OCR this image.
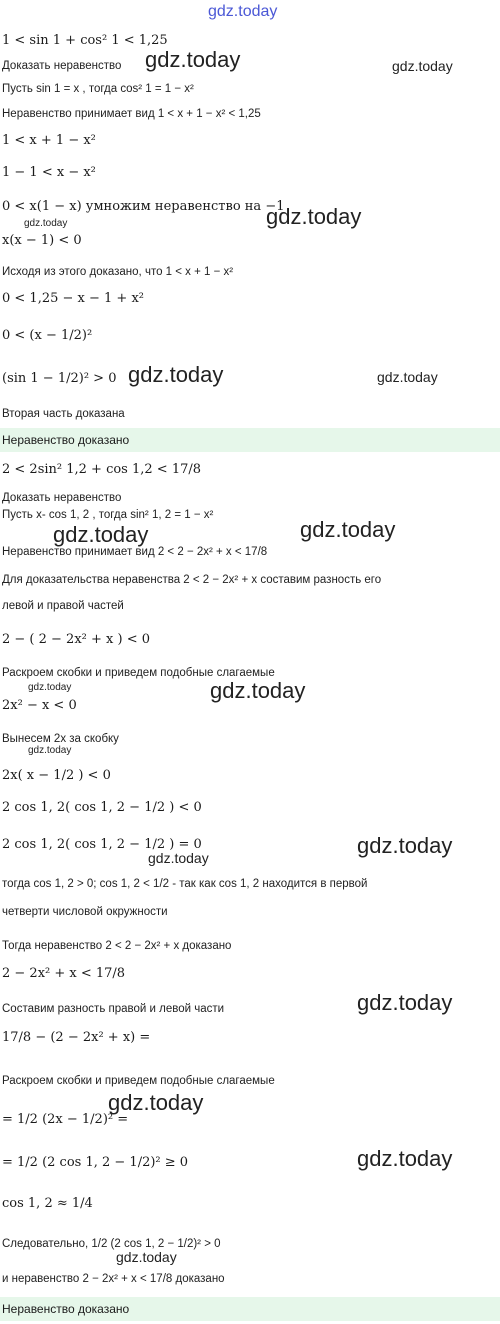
gdz.today
1 < sin 1 + cos² 1 < 1,25
Доказать неравенство
Пусть sin 1 = x , тогда cos² 1 = 1 − x²
Неравенство принимает вид 1 < x + 1 − x² < 1,25
1 < x + 1 − x²
1 − 1 < x − x²
0 < x(1 − x) умножим неравенство на −1
x(x − 1) < 0
Исходя из этого доказано, что 1 < x + 1 − x²
0 < 1,25 − x − 1 + x²
0 < (x − 1/2)²
(sin 1 − 1/2)² > 0
Вторая часть доказана
Неравенство доказано
2 < 2sin² 1,2 + cos 1,2 < 17/8
Доказать неравенство
Пусть x- cos 1, 2 , тогда sin² 1, 2 = 1 − x²
Неравенство принимает вид 2 < 2 − 2x² + x < 17/8
Для доказательства неравенства 2 < 2 − 2x² + x составим разность его
левой и правой частей
2 − ( 2 − 2x² + x ) < 0
Раскроем скобки и приведем подобные слагаемые
2x² − x < 0
Вынесем 2x за скобку
2x( x − 1/2 ) < 0
2 cos 1, 2( cos 1, 2 − 1/2 ) < 0
2 cos 1, 2( cos 1, 2 − 1/2 ) = 0
тогда cos 1, 2 > 0; cos 1, 2 < 1/2 - так как cos 1, 2 находится в первой
четверти числовой окружности
Тогда неравенство 2 < 2 − 2x² + x доказано
2 − 2x² + x < 17/8
Составим разность правой и левой части
17/8 − (2 − 2x² + x) =
Раскроем скобки и приведем подобные слагаемые
= 1/2 (2x − 1/2)² =
= 1/2 (2 cos 1, 2 − 1/2)² ≥ 0
cos 1, 2 ≈ 1/4
Следовательно, 1/2 (2 cos 1, 2 − 1/2)² > 0
и неравенство 2 − 2x² + x < 17/8 доказано
Неравенство доказано
gdz.today	gdz.today
gdz.today
gdz.today
gdz.today	gdz.today
gdz.today
gdz.today
gdz.today
gdz.today
gdz.today
gdz.today
gdz.today
gdz.today
gdz.today
gdz.today
gdz.today
